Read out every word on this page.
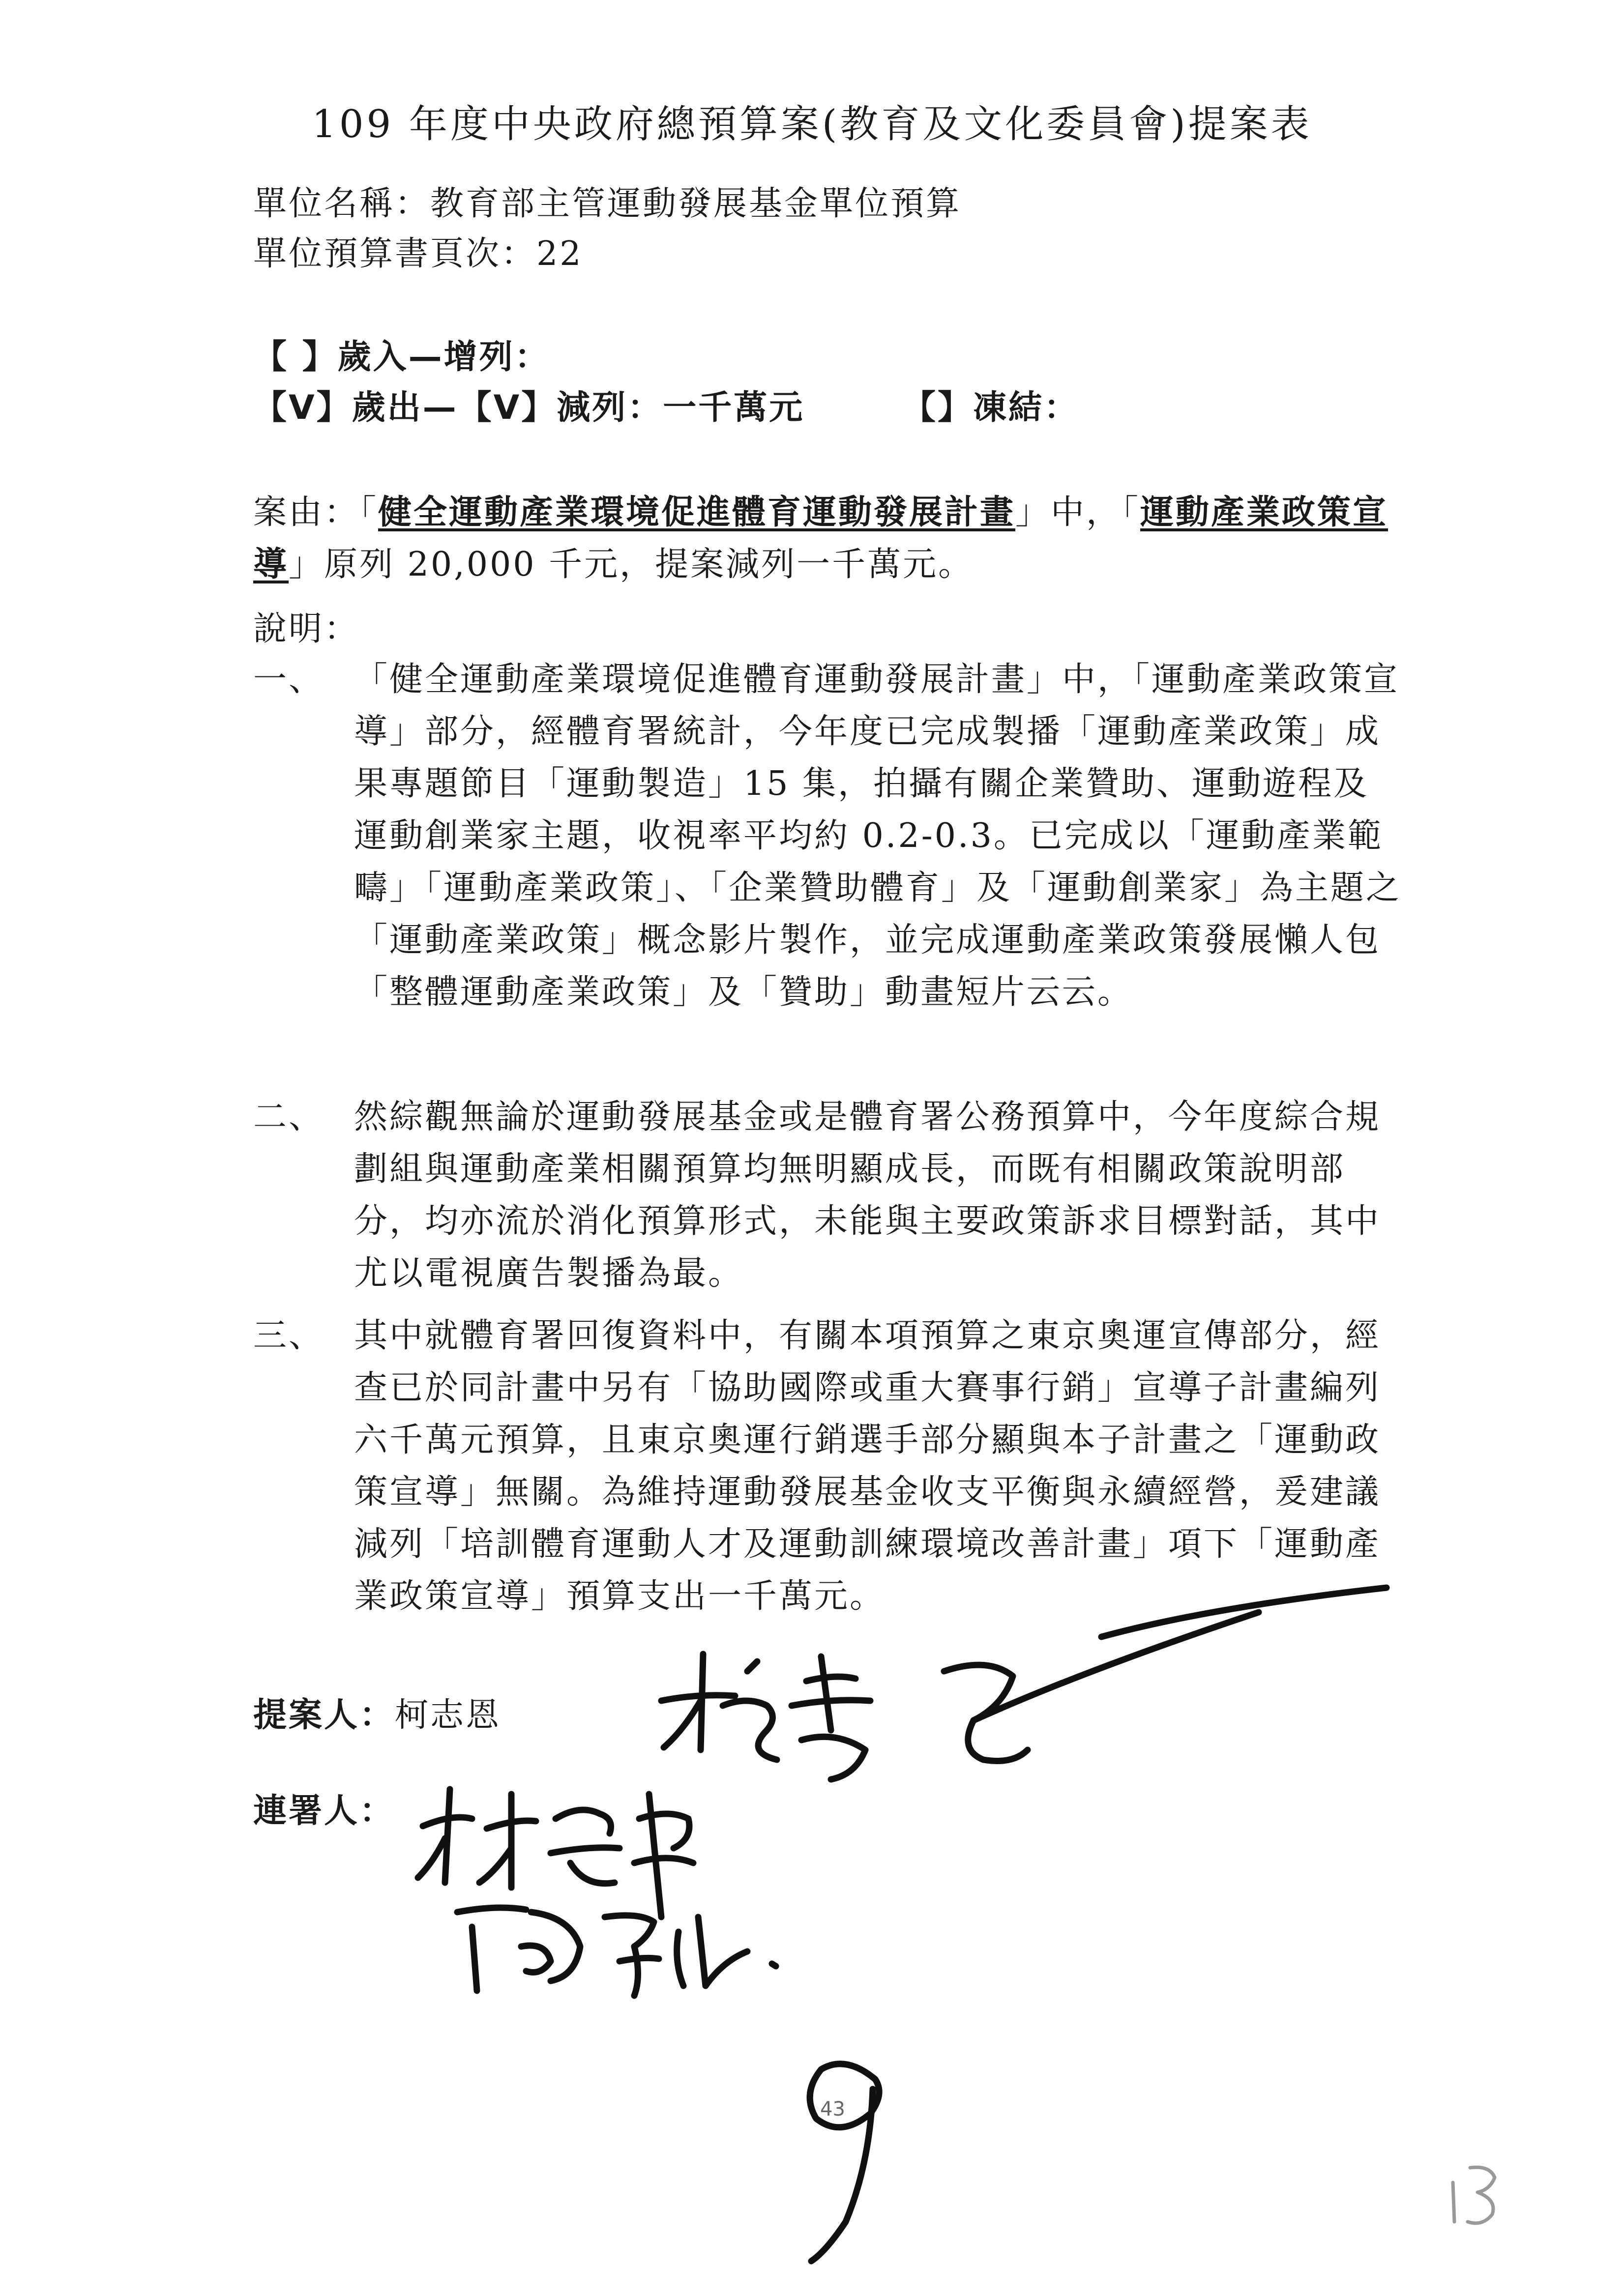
109 年度中央政府總預算案(教育及文化委員會)提案表
單位名稱：教育部主管運動發展基金單位預算
單位預算書頁次：22
【 】歲入—增列：
【V】歲出—【V】減列：一千萬元	【】凍結：
案由：「健全運動產業環境促進體育運動發展計畫」中，「運動產業政策宣導」原列 20,000 千元，提案減列一千萬元。
說明：
一、 「健全運動產業環境促進體育運動發展計畫」中，「運動產業政策宣導」部分，經體育署統計，今年度已完成製播「運動產業政策」成果專題節目「運動製造」15 集，拍攝有關企業贊助、運動遊程及運動創業家主題，收視率平均約 0.2-0.3。已完成以「運動產業範疇」「運動產業政策」、「企業贊助體育」及「運動創業家」為主題之「運動產業政策」概念影片製作，並完成運動產業政策發展懶人包「整體運動產業政策」及「贊助」動畫短片云云。
二、 然綜觀無論於運動發展基金或是體育署公務預算中，今年度綜合規劃組與運動產業相關預算均無明顯成長，而既有相關政策說明部分，均亦流於消化預算形式，未能與主要政策訴求目標對話，其中尤以電視廣告製播為最。
三、 其中就體育署回復資料中，有關本項預算之東京奧運宣傳部分，經查已於同計畫中另有「協助國際或重大賽事行銷」宣導子計畫編列六千萬元預算，且東京奧運行銷選手部分顯與本子計畫之「運動政策宣導」無關。為維持運動發展基金收支平衡與永續經營，爰建議減列「培訓體育運動人才及運動訓練環境改善計畫」項下「運動產業政策宣導」預算支出一千萬元。
提案人：柯志恩
連署人：
43
